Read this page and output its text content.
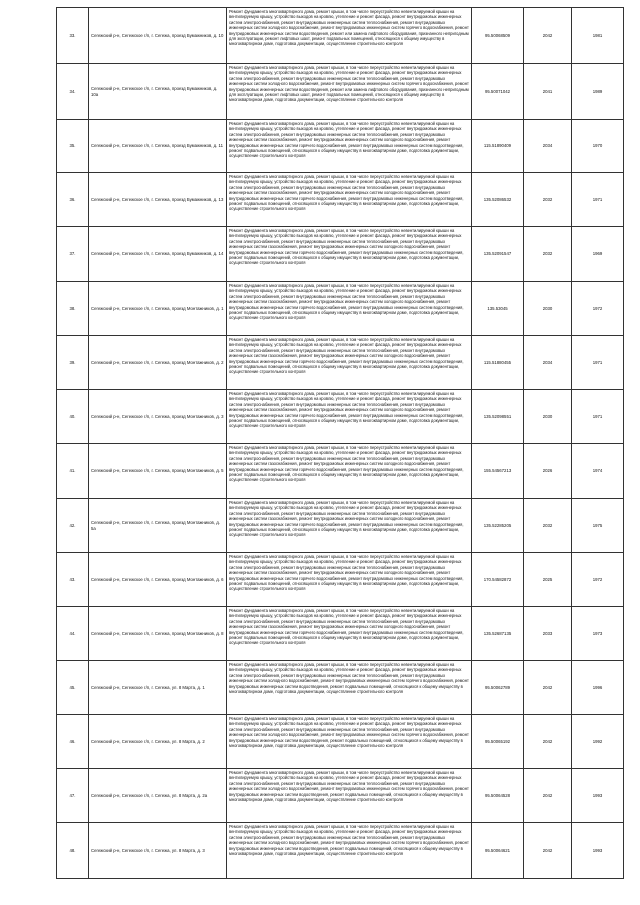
33.	Сегежский р-н, Сегежское г/п, г. Сегежа, проезд Бумажников, д. 10	Ремонт фундамента многоквартирного дома, ремонт крыши, в том числе переустройство невентилируемой крыши на вентилируемую крышу, устройство выходов на кровлю, утепление и ремонт фасада, ремонт внутридомовых инженерных систем электроснабжения, ремонт внутридомовых инженерных систем теплоснабжения, ремонт внутридомовых инженерных систем холодного водоснабжения, ремонт внутридомовых инженерных систем горячего водоснабжения, ремонт внутридомовых инженерных систем водоотведения, ремонт или замена лифтового оборудования, признанного непригодным для эксплуатации, ремонт лифтовых шахт, ремонт подвальных помещений, относящихся к общему имуществу в многоквартирном доме, подготовка документации, осуществление строительного контроля	95.50068509	2042	1981
34.	Сегежский р-н, Сегежское г/п, г. Сегежа, проезд Бумажников, д. 10а	Ремонт фундамента многоквартирного дома, ремонт крыши, в том числе переустройство невентилируемой крыши на вентилируемую крышу, устройство выходов на кровлю, утепление и ремонт фасада, ремонт внутридомовых инженерных систем электроснабжения, ремонт внутридомовых инженерных систем теплоснабжения, ремонт внутридомовых инженерных систем холодного водоснабжения, ремонт внутридомовых инженерных систем горячего водоснабжения, ремонт внутридомовых инженерных систем водоотведения, ремонт или замена лифтового оборудования, признанного непригодным для эксплуатации, ремонт лифтовых шахт, ремонт подвальных помещений, относящихся к общему имуществу в многоквартирном доме, подготовка документации, осуществление строительного контроля	95.50071042	2041	1989
35.	Сегежский р-н, Сегежское г/п, г. Сегежа, проезд Бумажников, д. 11	Ремонт фундамента многоквартирного дома, ремонт крыши, в том числе переустройство невентилируемой крыши на вентилируемую крышу, устройство выходов на кровлю, утепление и ремонт фасада, ремонт внутридомовых инженерных систем электроснабжения, ремонт внутридомовых инженерных систем теплоснабжения, ремонт внутридомовых инженерных систем газоснабжения, ремонт внутридомовых инженерных систем холодного водоснабжения, ремонт внутридомовых инженерных систем горячего водоснабжения, ремонт внутридомовых инженерных систем водоотведения, ремонт подвальных помещений, относящихся к общему имуществу в многоквартирном доме, подготовка документации, осуществление строительного контроля	115.51890409	2034	1970
36.	Сегежский р-н, Сегежское г/п, г. Сегежа, проезд Бумажников, д. 13	Ремонт фундамента многоквартирного дома, ремонт крыши, в том числе переустройство невентилируемой крыши на вентилируемую крышу, устройство выходов на кровлю, утепление и ремонт фасада, ремонт внутридомовых инженерных систем электроснабжения, ремонт внутридомовых инженерных систем теплоснабжения, ремонт внутридомовых инженерных систем газоснабжения, ремонт внутридомовых инженерных систем холодного водоснабжения, ремонт внутридомовых инженерных систем горячего водоснабжения, ремонт внутридомовых инженерных систем водоотведения, ремонт подвальных помещений, относящихся к общему имуществу в многоквартирном доме, подготовка документации, осуществление строительного контроля	135.52086532	2032	1971
37.	Сегежский р-н, Сегежское г/п, г. Сегежа, проезд Бумажников, д. 14	Ремонт фундамента многоквартирного дома, ремонт крыши, в том числе переустройство невентилируемой крыши на вентилируемую крышу, устройство выходов на кровлю, утепление и ремонт фасада, ремонт внутридомовых инженерных систем электроснабжения, ремонт внутридомовых инженерных систем теплоснабжения, ремонт внутридомовых инженерных систем газоснабжения, ремонт внутридомовых инженерных систем холодного водоснабжения, ремонт внутридомовых инженерных систем горячего водоснабжения, ремонт внутридомовых инженерных систем водоотведения, ремонт подвальных помещений, относящихся к общему имуществу в многоквартирном доме, подготовка документации, осуществление строительного контроля	135.52091547	2032	1969
38.	Сегежский р-н, Сегежское г/п, г. Сегежа, проезд Монтажников, д. 1	Ремонт фундамента многоквартирного дома, ремонт крыши, в том числе переустройство невентилируемой крыши на вентилируемую крышу, устройство выходов на кровлю, утепление и ремонт фасада, ремонт внутридомовых инженерных систем электроснабжения, ремонт внутридомовых инженерных систем теплоснабжения, ремонт внутридомовых инженерных систем газоснабжения, ремонт внутридомовых инженерных систем холодного водоснабжения, ремонт внутридомовых инженерных систем горячего водоснабжения, ремонт внутридомовых инженерных систем водоотведения, ремонт подвальных помещений, относящихся к общему имуществу в многоквартирном доме, подготовка документации, осуществление строительного контроля	135.53045	2030	1972
39.	Сегежский р-н, Сегежское г/п, г. Сегежа, проезд Монтажников, д. 2	Ремонт фундамента многоквартирного дома, ремонт крыши, в том числе переустройство невентилируемой крыши на вентилируемую крышу, устройство выходов на кровлю, утепление и ремонт фасада, ремонт внутридомовых инженерных систем электроснабжения, ремонт внутридомовых инженерных систем теплоснабжения, ремонт внутридомовых инженерных систем газоснабжения, ремонт внутридомовых инженерных систем холодного водоснабжения, ремонт внутридомовых инженерных систем горячего водоснабжения, ремонт внутридомовых инженерных систем водоотведения, ремонт подвальных помещений, относящихся к общему имуществу в многоквартирном доме, подготовка документации, осуществление строительного контроля	115.51880455	2034	1971
40.	Сегежский р-н, Сегежское г/п, г. Сегежа, проезд Монтажников, д. 3	Ремонт фундамента многоквартирного дома, ремонт крыши, в том числе переустройство невентилируемой крыши на вентилируемую крышу, устройство выходов на кровлю, утепление и ремонт фасада, ремонт внутридомовых инженерных систем электроснабжения, ремонт внутридомовых инженерных систем теплоснабжения, ремонт внутридомовых инженерных систем газоснабжения, ремонт внутридомовых инженерных систем холодного водоснабжения, ремонт внутридомовых инженерных систем горячего водоснабжения, ремонт внутридомовых инженерных систем водоотведения, ремонт подвальных помещений, относящихся к общему имуществу в многоквартирном доме, подготовка документации, осуществление строительного контроля	135.52098551	2030	1971
41.	Сегежский р-н, Сегежское г/п, г. Сегежа, проезд Монтажников, д. 5	Ремонт фундамента многоквартирного дома, ремонт крыши, в том числе переустройство невентилируемой крыши на вентилируемую крышу, устройство выходов на кровлю, утепление и ремонт фасада, ремонт внутридомовых инженерных систем электроснабжения, ремонт внутридомовых инженерных систем теплоснабжения, ремонт внутридомовых инженерных систем газоснабжения, ремонт внутридомовых инженерных систем холодного водоснабжения, ремонт внутридомовых инженерных систем горячего водоснабжения, ремонт внутридомовых инженерных систем водоотведения, ремонт подвальных помещений, относящихся к общему имуществу в многоквартирном доме, подготовка документации, осуществление строительного контроля	155.54567213	2026	1974
42.	Сегежский р-н, Сегежское г/п, г. Сегежа, проезд Монтажников, д. 5а	Ремонт фундамента многоквартирного дома, ремонт крыши, в том числе переустройство невентилируемой крыши на вентилируемую крышу, устройство выходов на кровлю, утепление и ремонт фасада, ремонт внутридомовых инженерных систем электроснабжения, ремонт внутридомовых инженерных систем теплоснабжения, ремонт внутридомовых инженерных систем газоснабжения, ремонт внутридомовых инженерных систем холодного водоснабжения, ремонт внутридомовых инженерных систем горячего водоснабжения, ремонт внутридомовых инженерных систем водоотведения, ремонт подвальных помещений, относящихся к общему имуществу в многоквартирном доме, подготовка документации, осуществление строительного контроля	135.52285205	2032	1975
43.	Сегежский р-н, Сегежское г/п, г. Сегежа, проезд Монтажников, д. 6	Ремонт фундамента многоквартирного дома, ремонт крыши, в том числе переустройство невентилируемой крыши на вентилируемую крышу, устройство выходов на кровлю, утепление и ремонт фасада, ремонт внутридомовых инженерных систем электроснабжения, ремонт внутридомовых инженерных систем теплоснабжения, ремонт внутридомовых инженерных систем газоснабжения, ремонт внутридомовых инженерных систем холодного водоснабжения, ремонт внутридомовых инженерных систем горячего водоснабжения, ремонт внутридомовых инженерных систем водоотведения, ремонт подвальных помещений, относящихся к общему имуществу в многоквартирном доме, подготовка документации, осуществление строительного контроля	170.54582872	2025	1972
44.	Сегежский р-н, Сегежское г/п, г. Сегежа, проезд Монтажников, д. 8	Ремонт фундамента многоквартирного дома, ремонт крыши, в том числе переустройство невентилируемой крыши на вентилируемую крышу, устройство выходов на кровлю, утепление и ремонт фасада, ремонт внутридомовых инженерных систем электроснабжения, ремонт внутридомовых инженерных систем теплоснабжения, ремонт внутридомовых инженерных систем газоснабжения, ремонт внутридомовых инженерных систем холодного водоснабжения, ремонт внутридомовых инженерных систем горячего водоснабжения, ремонт внутридомовых инженерных систем водоотведения, ремонт подвальных помещений, относящихся к общему имуществу в многоквартирном доме, подготовка документации, осуществление строительного контроля	135.52687135	2033	1973
45.	Сегежский р-н, Сегежское г/п, г. Сегежа, ул. 8 Марта, д. 1	Ремонт фундамента многоквартирного дома, ремонт крыши, в том числе переустройство невентилируемой крыши на вентилируемую крышу, устройство выходов на кровлю, утепление и ремонт фасада, ремонт внутридомовых инженерных систем электроснабжения, ремонт внутридомовых инженерных систем теплоснабжения, ремонт внутридомовых инженерных систем холодного водоснабжения, ремонт внутридомовых инженерных систем горячего водоснабжения, ремонт внутридомовых инженерных систем водоотведения, ремонт подвальных помещений, относящихся к общему имуществу в многоквартирном доме, подготовка документации, осуществление строительного контроля	95.50062789	2042	1996
46.	Сегежский р-н, Сегежское г/п, г. Сегежа, ул. 8 Марта, д. 2	Ремонт фундамента многоквартирного дома, ремонт крыши, в том числе переустройство невентилируемой крыши на вентилируемую крышу, устройство выходов на кровлю, утепление и ремонт фасада, ремонт внутридомовых инженерных систем электроснабжения, ремонт внутридомовых инженерных систем теплоснабжения, ремонт внутридомовых инженерных систем холодного водоснабжения, ремонт внутридомовых инженерных систем горячего водоснабжения, ремонт внутридомовых инженерных систем водоотведения, ремонт подвальных помещений, относящихся к общему имуществу в многоквартирном доме, подготовка документации, осуществление строительного контроля	95.50065192	2042	1992
47.	Сегежский р-н, Сегежское г/п, г. Сегежа, ул. 8 Марта, д. 2а	Ремонт фундамента многоквартирного дома, ремонт крыши, в том числе переустройство невентилируемой крыши на вентилируемую крышу, устройство выходов на кровлю, утепление и ремонт фасада, ремонт внутридомовых инженерных систем электроснабжения, ремонт внутридомовых инженерных систем теплоснабжения, ремонт внутридомовых инженерных систем холодного водоснабжения, ремонт внутридомовых инженерных систем горячего водоснабжения, ремонт внутридомовых инженерных систем водоотведения, ремонт подвальных помещений, относящихся к общему имуществу в многоквартирном доме, подготовка документации, осуществление строительного контроля	95.50064528	2042	1993
48.	Сегежский р-н, Сегежское г/п, г. Сегежа, ул. 8 Марта, д. 3	Ремонт фундамента многоквартирного дома, ремонт крыши, в том числе переустройство невентилируемой крыши на вентилируемую крышу, устройство выходов на кровлю, утепление и ремонт фасада, ремонт внутридомовых инженерных систем электроснабжения, ремонт внутридомовых инженерных систем теплоснабжения, ремонт внутридомовых инженерных систем холодного водоснабжения, ремонт внутридомовых инженерных систем горячего водоснабжения, ремонт внутридомовых инженерных систем водоотведения, ремонт подвальных помещений, относящихся к общему имуществу в многоквартирном доме, подготовка документации, осуществление строительного контроля	95.50064621	2042	1993
